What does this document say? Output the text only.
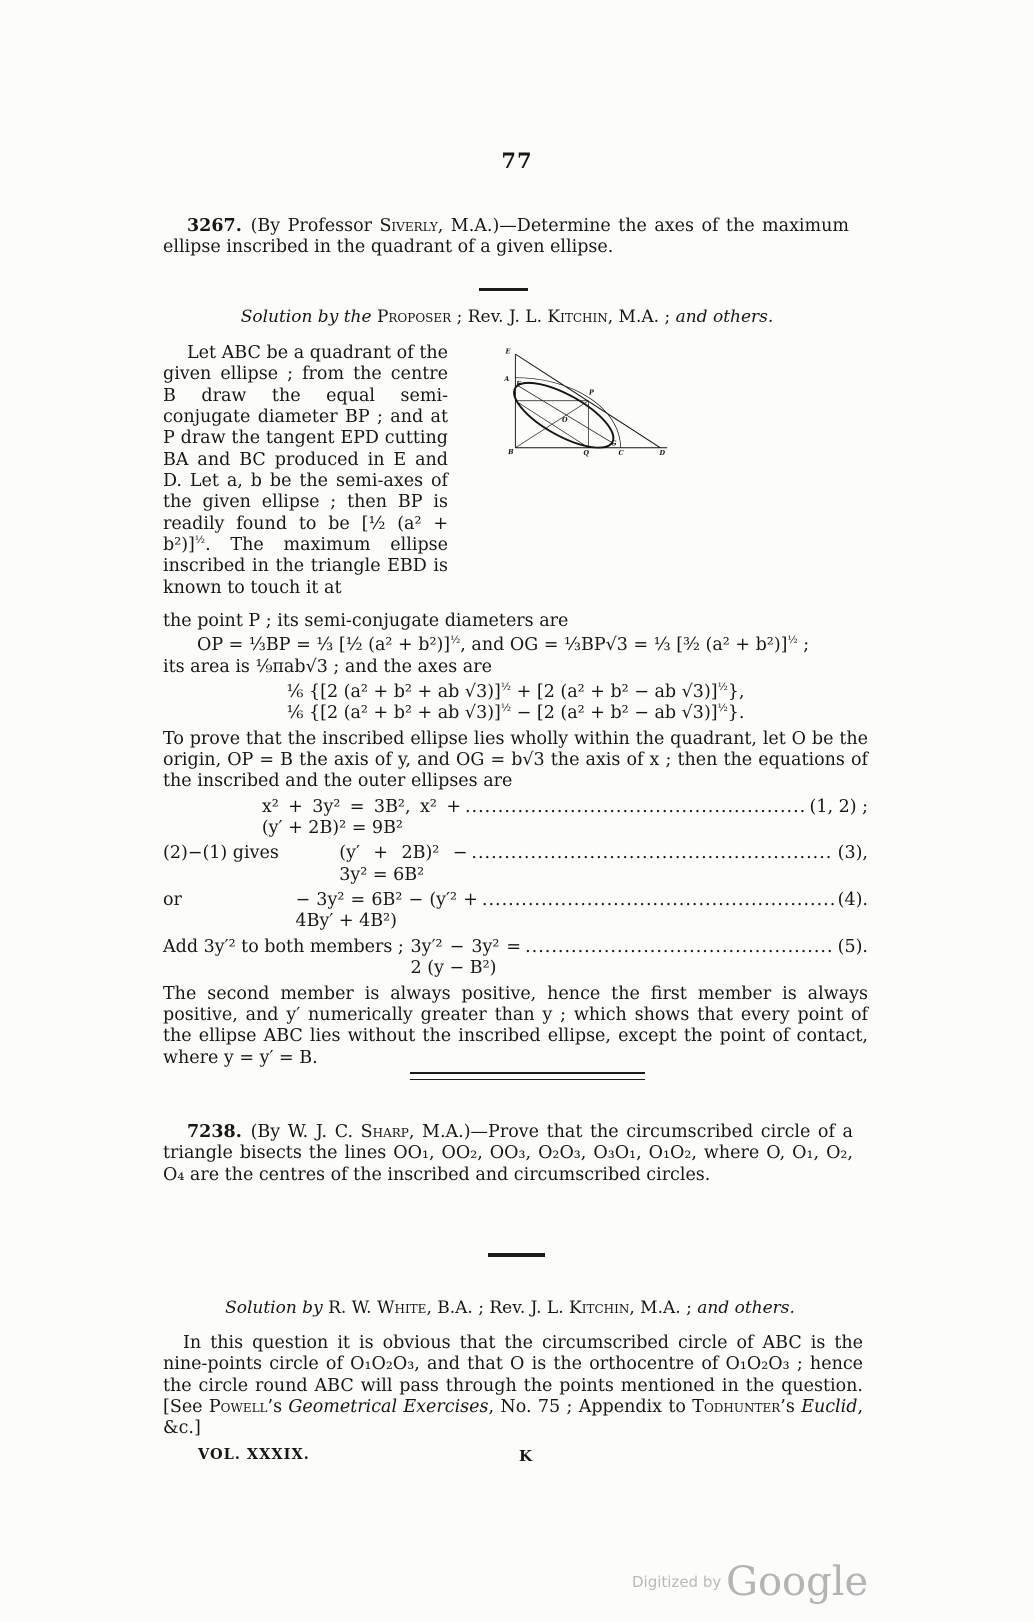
77

3267. (By Professor Siverly, M.A.)—Determine the axes of the maximum ellipse inscribed in the quadrant of a given ellipse.

Solution by the Proposer ; Rev. J. L. Kitchin, M.A. ; and others.
E
A
F
P
O
B	Q
G
C D

Let ABC be a quadrant of the given ellipse ; from the centre B draw the equal semi-conjugate diameter BP ; and at P draw the tangent EPD cutting BA and BC produced in E and D. Let a, b be the semi-axes of the given ellipse ; then BP is readily found to be [½ (a² + b²)]$^{\frac{1}{2}}$. The maximum ellipse inscribed in the triangle EBD is known to touch it at

the point P ; its semi-conjugate diameters are

OP = ⅓BP = ⅓ [½ (a² + b²)]$^{\frac{1}{2}}$, and OG = ⅓BP√3 = ⅓ [³⁄₂ (a² + b²)]$^{\frac{1}{2}}$ ;

its area is ⅑πab√3 ; and the axes are

⅙ {[2 (a² + b² + ab √3)]$^{\frac{1}{2}}$ + [2 (a² + b² − ab √3)]$^{\frac{1}{2}}$},

⅙ {[2 (a² + b² + ab √3)]$^{\frac{1}{2}}$ − [2 (a² + b² − ab √3)]$^{\frac{1}{2}}$}.

To prove that the inscribed ellipse lies wholly within the quadrant, let O be the origin, OP = B the axis of y, and OG = b√3 the axis of x ; then the equations of the inscribed and the outer ellipses are

x² + 3y² = 3B², x² + (y′ + 2B)² = 9B²
.....
(1, 2) ;
(2)−(1) gives	(y′ + 2B)² − 3y² = 6B²
.....
(3),
or	− 3y² = 6B² − (y′² + 4By′ + 4B²)
.....
(4).
Add 3y′² to both members ; 3y′² − 3y² = 2 (y − B²)
.....
(5).

The second member is always positive, hence the first member is always positive, and y′ numerically greater than y ; which shows that every point of the ellipse ABC lies without the inscribed ellipse, except the point of contact, where y = y′ = B.

7238. (By W. J. C. Sharp, M.A.)—Prove that the circumscribed circle of a triangle bisects the lines OO₁, OO₂, OO₃, O₂O₃, O₃O₁, O₁O₂, where O, O₁, O₂, O₄ are the centres of the inscribed and circumscribed circles.

Solution by R. W. White, B.A. ; Rev. J. L. Kitchin, M.A. ; and others.

In this question it is obvious that the circumscribed circle of ABC is the nine-points circle of O₁O₂O₃, and that O is the orthocentre of O₁O₂O₃ ; hence the circle round ABC will pass through the points mentioned in the question. [See Powell’s Geometrical Exercises, No. 75 ; Appendix to Todhunter’s Euclid, &c.]

VOL. XXXIX.	K
Digitized by Google
